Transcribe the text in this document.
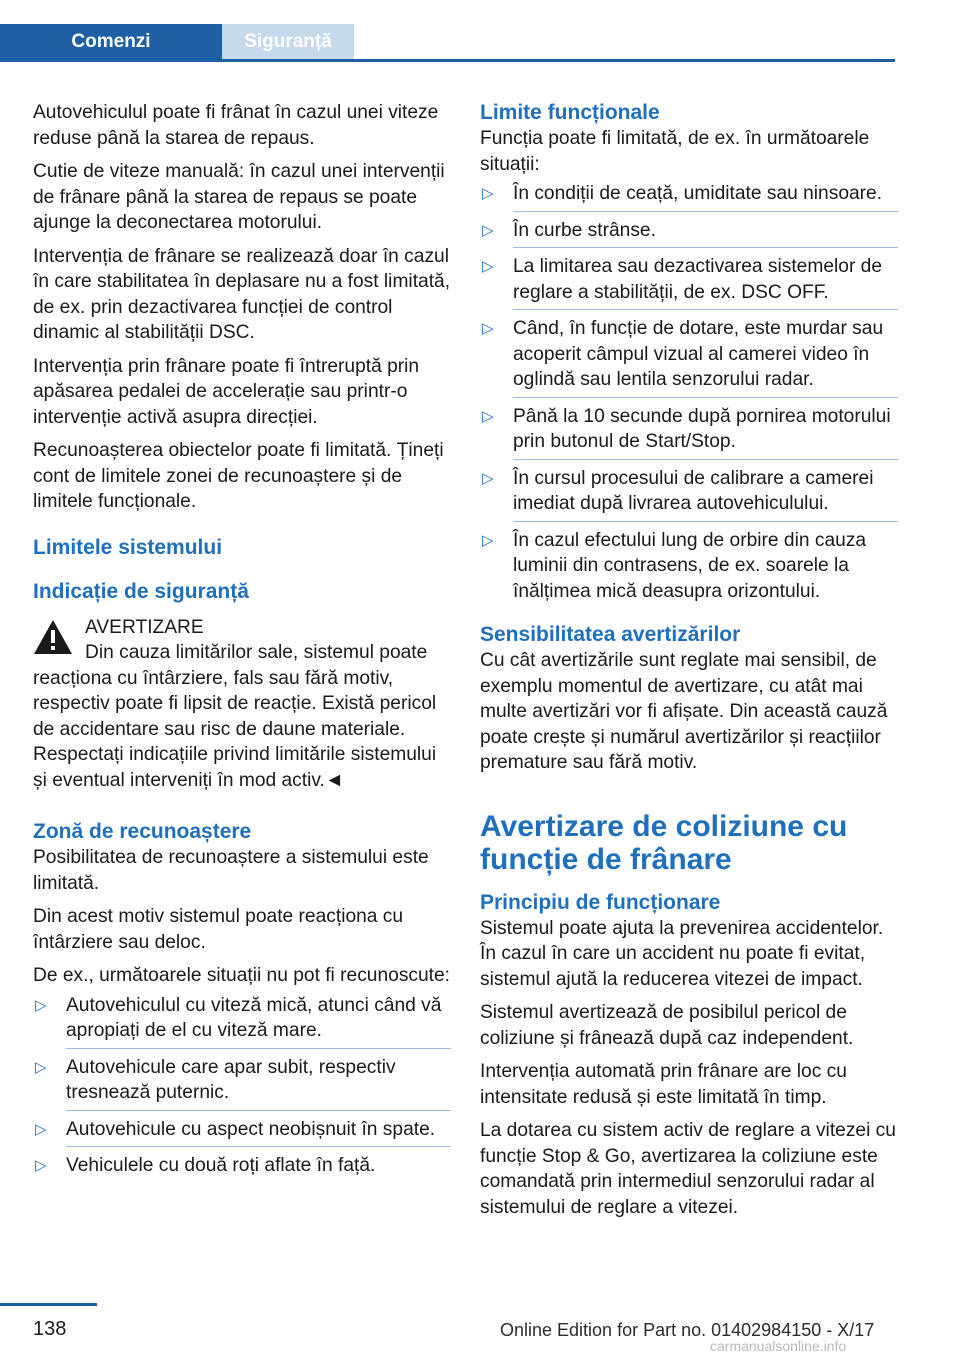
Comenzi	Siguranță

Autovehiculul poate fi frânat în cazul unei viteze reduse până la starea de repaus.

Cutie de viteze manuală: în cazul unei intervenții de frânare până la starea de repaus se poate ajunge la deconectarea motorului.

Intervenția de frânare se realizează doar în cazul în care stabilitatea în deplasare nu a fost limitată, de ex. prin dezactivarea funcției de control dinamic al stabilității DSC.

Intervenția prin frânare poate fi întreruptă prin apăsarea pedalei de accelerație sau printr-o intervenție activă asupra direcției.

Recunoașterea obiectelor poate fi limitată. Țineți cont de limitele zonei de recunoaștere și de limitele funcționale.

Limitele sistemului
Indicație de siguranță
AVERTIZARE
Din cauza limitărilor sale, sistemul poate
reacționa cu întârziere, fals sau fără motiv, respectiv poate fi lipsit de reacție. Există pericol de accidentare sau risc de daune materiale. Respectați indicațiile privind limitările sistemului și eventual interveniți în mod activ.◄
Zonă de recunoaștere

Posibilitatea de recunoaștere a sistemului este limitată.

Din acest motiv sistemul poate reacționa cu întârziere sau deloc.

De ex., următoarele situații nu pot fi recunoscute:

▷ Autovehiculul cu viteză mică, atunci când vă apropiați de el cu viteză mare.
▷ Autovehicule care apar subit, respectiv tresnează puternic.
▷ Autovehicule cu aspect neobișnuit în spate.
▷ Vehiculele cu două roți aflate în față.
Limite funcționale

Funcția poate fi limitată, de ex. în următoarele situații:

▷ În condiții de ceață, umiditate sau ninsoare.
▷ În curbe strânse.
▷ La limitarea sau dezactivarea sistemelor de reglare a stabilității, de ex. DSC OFF.
▷ Când, în funcție de dotare, este murdar sau acoperit câmpul vizual al camerei video în oglindă sau lentila senzorului radar.
▷ Până la 10 secunde după pornirea motorului prin butonul de Start/Stop.
▷ În cursul procesului de calibrare a camerei imediat după livrarea autovehiculului.
▷ În cazul efectului lung de orbire din cauza luminii din contrasens, de ex. soarele la înălțimea mică deasupra orizontului.
Sensibilitatea avertizărilor

Cu cât avertizările sunt reglate mai sensibil, de exemplu momentul de avertizare, cu atât mai multe avertizări vor fi afișate. Din această cauză poate crește și numărul avertizărilor și reacțiilor premature sau fără motiv.

Avertizare de coliziune cu funcție de frânare
Principiu de funcționare

Sistemul poate ajuta la prevenirea accidentelor. În cazul în care un accident nu poate fi evitat, sistemul ajută la reducerea vitezei de impact.

Sistemul avertizează de posibilul pericol de coliziune și frânează după caz independent.

Intervenția automată prin frânare are loc cu intensitate redusă și este limitată în timp.

La dotarea cu sistem activ de reglare a vitezei cu funcție Stop & Go, avertizarea la coliziune este comandată prin intermediul senzorului radar al sistemului de reglare a vitezei.

138	Online Edition for Part no. 01402984150 - X/17
carmanualsonline.info
